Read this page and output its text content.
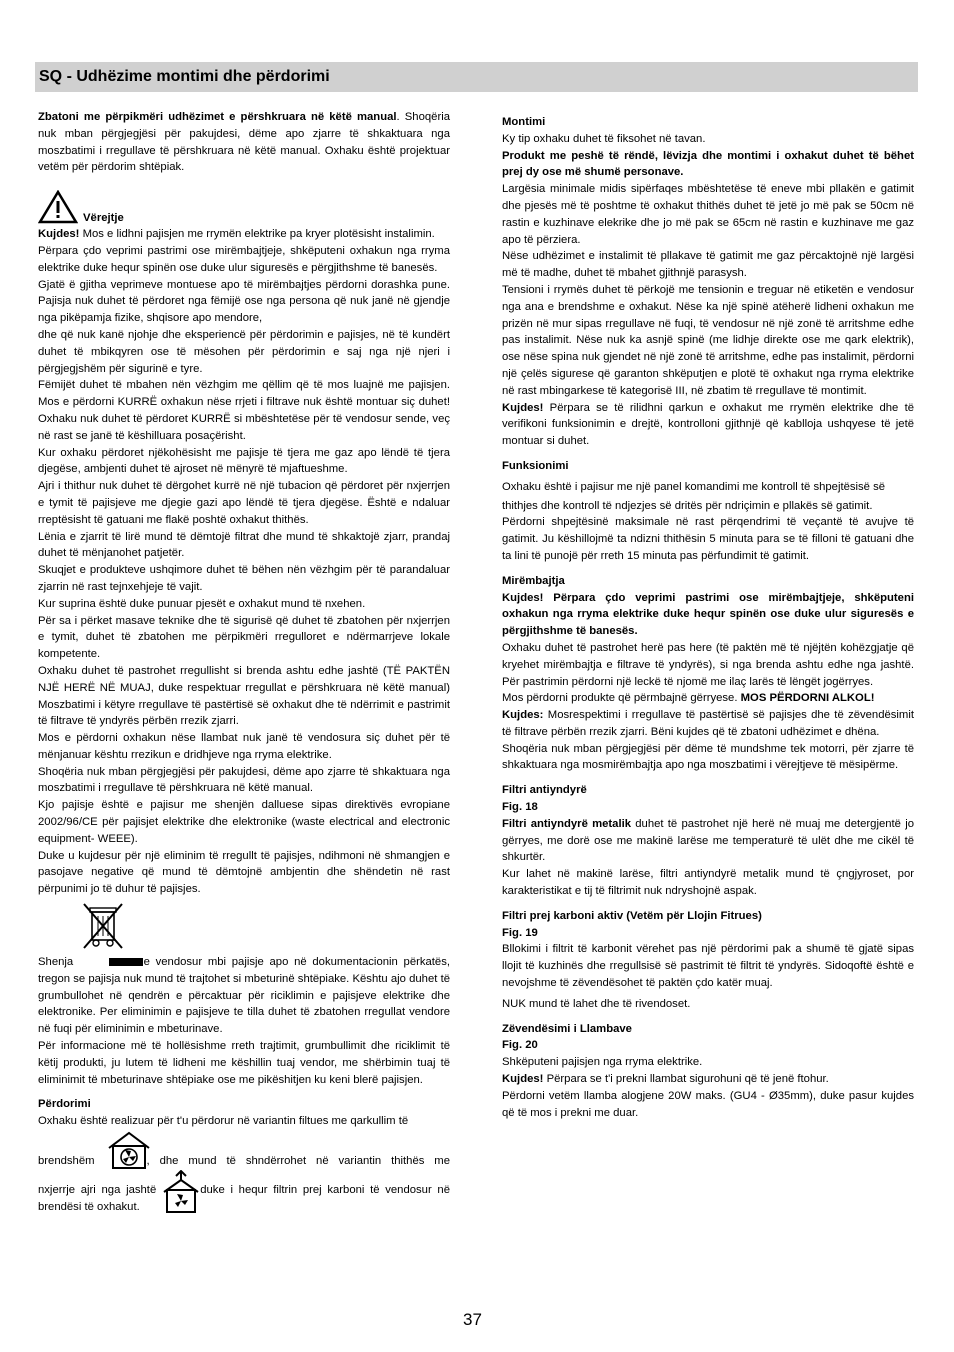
SQ - Udhëzime montimi dhe përdorimi

Zbatoni me përpikmëri udhëzimet e përshkruara në këtë manual. Shoqëria nuk mban përgjegjësi për pakujdesi, dëme apo zjarre të shkaktuara nga moszbatimi i rregullave të përshkruara në këtë manual. Oxhaku është projektuar vetëm për përdorim shtëpiak.

Vërejtje

Kujdes! Mos e lidhni pajisjen me rrymën elektrike pa kryer plotësisht instalimin.

Përpara çdo veprimi pastrimi ose mirëmbajtjeje, shkëputeni oxhakun nga rryma elektrike duke hequr spinën ose duke ulur siguresës e përgjithshme të banesës.

Gjatë ë gjitha veprimeve montuese apo të mirëmbajtjes përdorni dorashka pune. Pajisja nuk duhet të përdoret nga fëmijë ose nga persona që nuk janë në gjendje nga pikëpamja fizike, shqisore apo mendore,

dhe që nuk kanë njohje dhe eksperiencë për përdorimin e pajisjes, në të kundërt duhet të mbikqyren ose të mësohen për përdorimin e saj nga një njeri i përgjegjshëm për sigurinë e tyre.

Fëmijët duhet të mbahen nën vëzhgim me qëllim që të mos luajnë me pajisjen. Mos e përdorni KURRË oxhakun nëse rrjeti i filtrave nuk është montuar siç duhet! Oxhaku nuk duhet të përdoret KURRË si mbështetëse për të vendosur sende, veç në rast se janë të këshilluara posaçërisht.

Kur oxhaku përdoret njëkohësisht me pajisje të tjera me gaz apo lëndë të tjera djegëse, ambjenti duhet të ajroset në mënyrë të mjaftueshme.

Ajri i thithur nuk duhet të dërgohet kurrë në një tubacion që përdoret për nxjerrjen e tymit të pajisjeve me djegie gazi apo lëndë të tjera djegëse. Është e ndaluar rreptësisht të gatuani me flakë poshtë oxhakut thithës.

Lënia e zjarrit të lirë mund të dëmtojë filtrat dhe mund të shkaktojë zjarr, prandaj duhet të mënjanohet patjetër.

Skuqjet e produkteve ushqimore duhet të bëhen nën vëzhgim për të parandaluar zjarrin në rast tejnxehjeje të vajit.

Kur suprina është duke punuar pjesët e oxhakut mund të nxehen.

Për sa i përket masave teknike dhe të sigurisë që duhet të zbatohen për nxjerrjen e tymit, duhet të zbatohen me përpikmëri rregulloret e ndërmarrjeve lokale kompetente.

Oxhaku duhet të pastrohet rregullisht si brenda ashtu edhe jashtë (TË PAKTËN NJË HERË NË MUAJ, duke respektuar rregullat e përshkruara në këtë manual) Moszbatimi i këtyre rregullave të pastërtisë së oxhakut dhe të ndërrimit e pastrimit të filtrave të yndyrës përbën rrezik zjarri.

Mos e përdorni oxhakun nëse llambat nuk janë të vendosura siç duhet për të mënjanuar kështu rrezikun e dridhjeve nga rryma elektrike.

Shoqëria nuk mban përgjegjësi për pakujdesi, dëme apo zjarre të shkaktuara nga moszbatimi i rregullave të përshkruara në këtë manual.

Kjo pajisje është e pajisur me shenjën dalluese sipas direktivës evropiane 2002/96/CE për pajisjet elektrike dhe elektronike (waste electrical and electronic equipment- WEEE).

Duke u kujdesur për një eliminim të rregullt të pajisjes, ndihmoni në shmangjen e pasojave negative që mund të dëmtojnë ambjentin dhe shëndetin në rast përpunimi jo të duhur të pajisjes.

Shenja	e vendosur mbi pajisje apo në dokumentacionin përkatës, tregon se pajisja nuk mund të trajtohet si mbeturinë shtëpiake. Kështu ajo duhet të grumbullohet në qendrën e përcaktuar për riciklimin e pajisjeve elektrike dhe elektronike. Per eliminimin e pajisjeve te tilla duhet të zbatohen rregullat vendore në fuqi për eliminimin e mbeturinave.

Për informacione më të hollësishme rreth trajtimit, grumbullimit dhe riciklimit të këtij produkti, ju lutem të lidheni me këshillin tuaj vendor, me shërbimin tuaj të eliminimit të mbeturinave shtëpiake ose me pikëshitjen ku keni blerë pajisjen.

Përdorimi

Oxhaku është realizuar për t'u përdorur në variantin filtues me qarkullim të

brendshëm	, dhe mund të shndërrohet në variantin thithës me
nxjerrje ajri nga jashtë	duke i hequr filtrin prej karboni të vendosur në brendësi të oxhakut.

Montimi

Ky tip oxhaku duhet të fiksohet në tavan.

Produkt me peshë të rëndë, lëvizja dhe montimi i oxhakut duhet të bëhet prej dy ose më shumë personave.

Largësia minimale midis sipërfaqes mbështetëse të eneve mbi pllakën e gatimit dhe pjesës më të poshtme të oxhakut thithës duhet të jetë jo më pak se 50cm në rastin e kuzhinave elekrike dhe jo më pak se 65cm në rastin e kuzhinave me gaz apo të përziera.

Nëse udhëzimet e instalimit të pllakave të gatimit me gaz përcaktojnë një largësi më të madhe, duhet të mbahet gjithnjë parasysh.

Tensioni i rrymës duhet të përkojë me tensionin e treguar në etiketën e vendosur nga ana e brendshme e oxhakut. Nëse ka një spinë atëherë lidheni oxhakun me prizën në mur sipas rregullave në fuqi, të vendosur në një zonë të arritshme edhe pas instalimit. Nëse nuk ka asnjë spinë (me lidhje direkte ose me qark elektrik), ose nëse spina nuk gjendet në një zonë të arritshme, edhe pas instalimit, përdorni një çelës sigurese që garanton shkëputjen e plotë të oxhakut nga rryma elektrike në rast mbingarkese të kategorisë III, në zbatim të rregullave të montimit.

Kujdes! Përpara se të rilidhni qarkun e oxhakut me rrymën elektrike dhe të verifikoni funksionimin e drejtë, kontrolloni gjithnjë që kablloja ushqyese të jetë montuar si duhet.

Funksionimi

Oxhaku është i pajisur me një panel komandimi me kontroll të shpejtësisë së

thithjes dhe kontroll të ndjezjes së dritës për ndriçimin e pllakës së gatimit.

Përdorni shpejtësinë maksimale në rast përqendrimi të veçantë të avujve të gatimit. Ju këshillojmë ta ndizni thithësin 5 minuta para se të filloni të gatuani dhe ta lini të punojë për rreth 15 minuta pas përfundimit të gatimit.

Mirëmbajtja

Kujdes! Përpara çdo veprimi pastrimi ose mirëmbajtjeje, shkëputeni oxhakun nga rryma elektrike duke hequr spinën ose duke ulur siguresës e përgjithshme të banesës.

Oxhaku duhet të pastrohet herë pas here (të paktën më të njëjtën kohëzgjatje që kryehet mirëmbajtja e filtrave të yndyrës), si nga brenda ashtu edhe nga jashtë. Për pastrimin përdorni një leckë të njomë me ilaç larës të lëngët jogërryes.

Mos përdorni produkte që përmbajnë gërryese. MOS PËRDORNI ALKOL!

Kujdes: Mosrespektimi i rregullave të pastërtisë së pajisjes dhe të zëvendësimit të filtrave përbën rrezik zjarri. Bëni kujdes që të zbatoni udhëzimet e dhëna.

Shoqëria nuk mban përgjegjësi për dëme të mundshme tek motorri, për zjarre të shkaktuara nga mosmirëmbajtja apo nga moszbatimi i vërejtjeve të mësipërme.

Filtri antiyndyrë

Fig. 18

Filtri antiyndyrë metalik duhet të pastrohet një herë në muaj me detergjentë jo gërryes, me dorë ose me makinë larëse me temperaturë të ulët dhe me cikël të shkurtër.

Kur lahet në makinë larëse, filtri antiyndyrë metalik mund të çngjyroset, por karakteristikat e tij të filtrimit nuk ndryshojnë aspak.

Filtri prej karboni aktiv (Vetëm për Llojin Fitrues)

Fig. 19

Bllokimi i filtrit të karbonit vërehet pas një përdorimi pak a shumë të gjatë sipas llojit të kuzhinës dhe rregullsisë së pastrimit të filtrit të yndyrës. Sidoqoftë është e nevojshme të zëvendësohet të paktën çdo katër muaj.

NUK mund të lahet dhe të rivendoset.

Zëvendësimi i Llambave

Fig. 20

Shkëputeni pajisjen nga rryma elektrike.

Kujdes! Përpara se t'i prekni llambat sigurohuni që të jenë ftohur.

Përdorni vetëm llamba alogjene 20W maks. (GU4 - Ø35mm), duke pasur kujdes që të mos i prekni me duar.

37
